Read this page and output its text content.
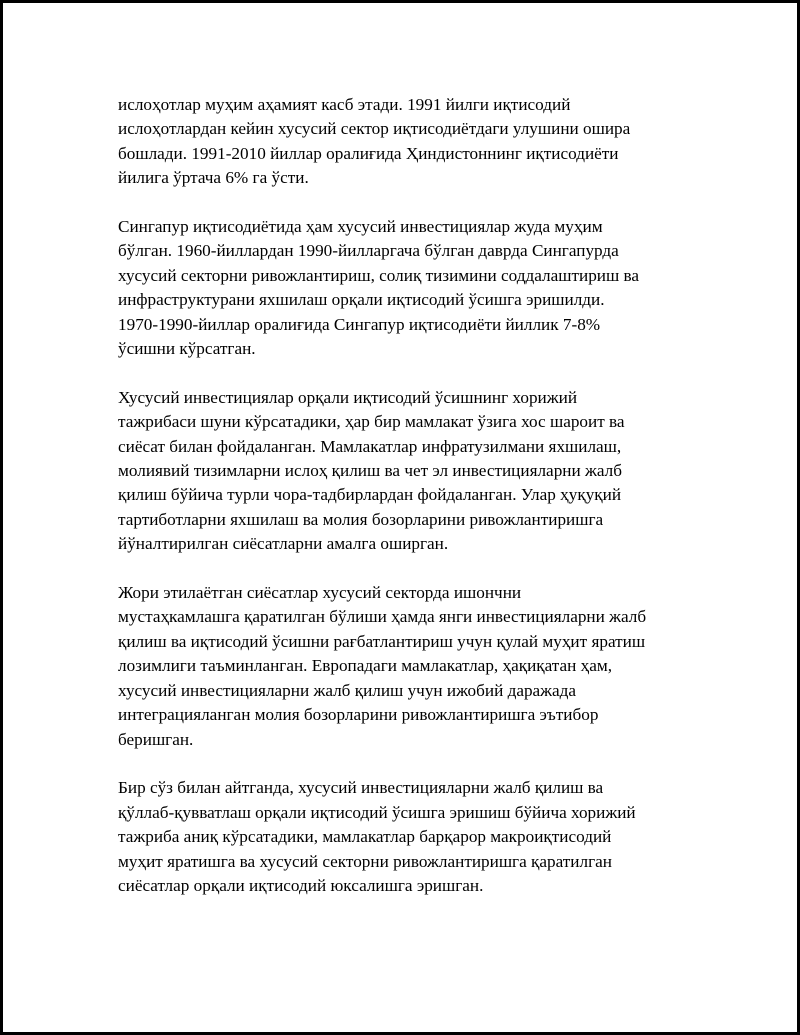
ислоҳотлар муҳим аҳамият касб этади. 1991 йилги иқтисодий
ислоҳотлардан кейин хусусий сектор иқтисодиётдаги улушини ошира
бошлади. 1991-2010 йиллар оралиғида Ҳиндистоннинг иқтисодиёти
йилига ўртача 6% га ўсти.

Сингапур иқтисодиётида ҳам хусусий инвестициялар жуда муҳим
бўлган. 1960-йиллардан 1990-йилларгача бўлган даврда Сингапурда
хусусий секторни ривожлантириш, солиқ тизимини соддалаштириш ва
инфраструктурани яхшилаш орқали иқтисодий ўсишга эришилди.
1970-1990-йиллар оралиғида Сингапур иқтисодиёти йиллик 7-8%
ўсишни кўрсатган.

Хусусий инвестициялар орқали иқтисодий ўсишнинг хорижий
тажрибаси шуни кўрсатадики, ҳар бир мамлакат ўзига хос шароит ва
сиёсат билан фойдаланган. Мамлакатлар инфратузилмани яхшилаш,
молиявий тизимларни ислоҳ қилиш ва чет эл инвестицияларни жалб
қилиш бўйича турли чора-тадбирлардан фойдаланган. Улар ҳуқуқий
тартиботларни яхшилаш ва молия бозорларини ривожлантиришга
йўналтирилган сиёсатларни амалга оширган.

Жори этилаётган сиёсатлар хусусий секторда ишончни
мустаҳкамлашга қаратилган бўлиши ҳамда янги инвестицияларни жалб
қилиш ва иқтисодий ўсишни рағбатлантириш учун қулай муҳит яратиш
лозимлиги таъминланган. Европадаги мамлакатлар, ҳақиқатан ҳам,
хусусий инвестицияларни жалб қилиш учун ижобий даражада
интеграцияланган молия бозорларини ривожлантиришга эътибор
беришган.

Бир сўз билан айтганда, хусусий инвестицияларни жалб қилиш ва
қўллаб-қувватлаш орқали иқтисодий ўсишга эришиш бўйича хорижий
тажриба аниқ кўрсатадики, мамлакатлар барқарор макроиқтисодий
муҳит яратишга ва хусусий секторни ривожлантиришга қаратилган
сиёсатлар орқали иқтисодий юксалишга эришган.
